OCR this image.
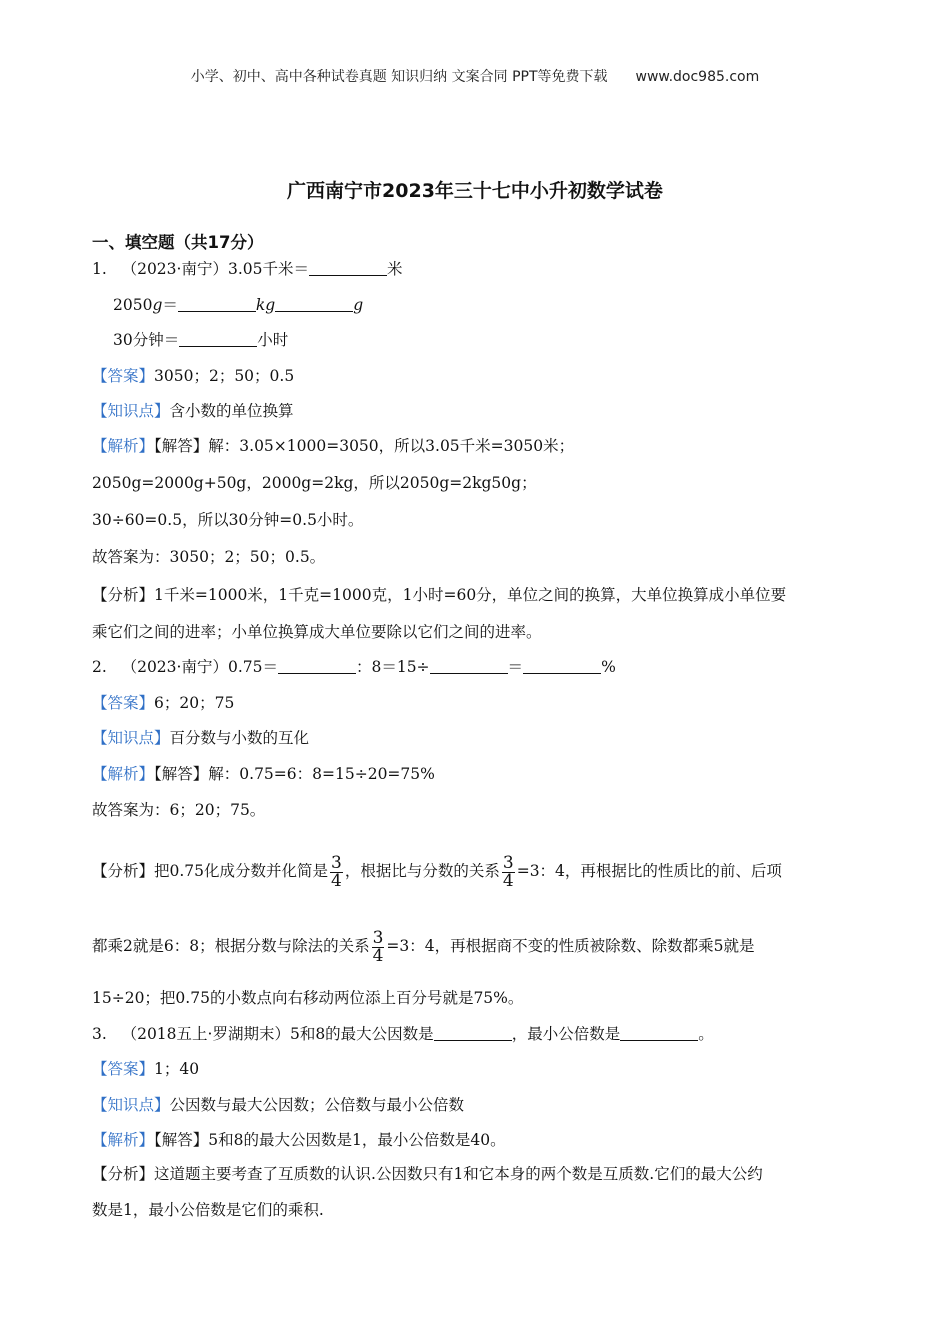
小学、初中、高中各种试卷真题 知识归纳 文案合同 PPT等免费下载 www.doc985.com
广西南宁市2023年三十七中小升初数学试卷
一、填空题（共17分）
1. （2023·南宁）3.05千米＝	米
2050g＝	kg	g
30分钟＝	小时
【答案】3050；2；50；0.5
【知识点】含小数的单位换算
【解析】【解答】解：3.05×1000=3050，所以3.05千米=3050米；
2050g=2000g+50g，2000g=2kg，所以2050g=2kg50g；
30÷60=0.5，所以30分钟=0.5小时。
故答案为：3050；2；50；0.5。
【分析】1千米=1000米，1千克=1000克，1小时=60分，单位之间的换算，大单位换算成小单位要
乘它们之间的进率；小单位换算成大单位要除以它们之间的进率。
2. （2023·南宁）0.75＝	：8＝15÷	＝	%
【答案】6；20；75
【知识点】百分数与小数的互化
【解析】【解答】解：0.75=6：8=15÷20=75%
故答案为：6；20；75。
【分析】把0.75化成分数并化简是 $\frac{3}{4}$ ，根据比与分数的关系 $\frac{3}{4} =3$：4，再根据比的性质比的前、后项
都乘2就是6：8；根据分数与除法的关系 $\frac{3}{4} =3$：4，再根据商不变的性质被除数、除数都乘5就是
15÷20；把0.75的小数点向右移动两位添上百分号就是75%。
3. （2018五上·罗湖期末）5和8的最大公因数是	，最小公倍数是	。
【答案】1；40
【知识点】公因数与最大公因数；公倍数与最小公倍数
【解析】【解答】5和8的最大公因数是1，最小公倍数是40。
【分析】这道题主要考查了互质数的认识.公因数只有1和它本身的两个数是互质数.它们的最大公约
数是1，最小公倍数是它们的乘积.
